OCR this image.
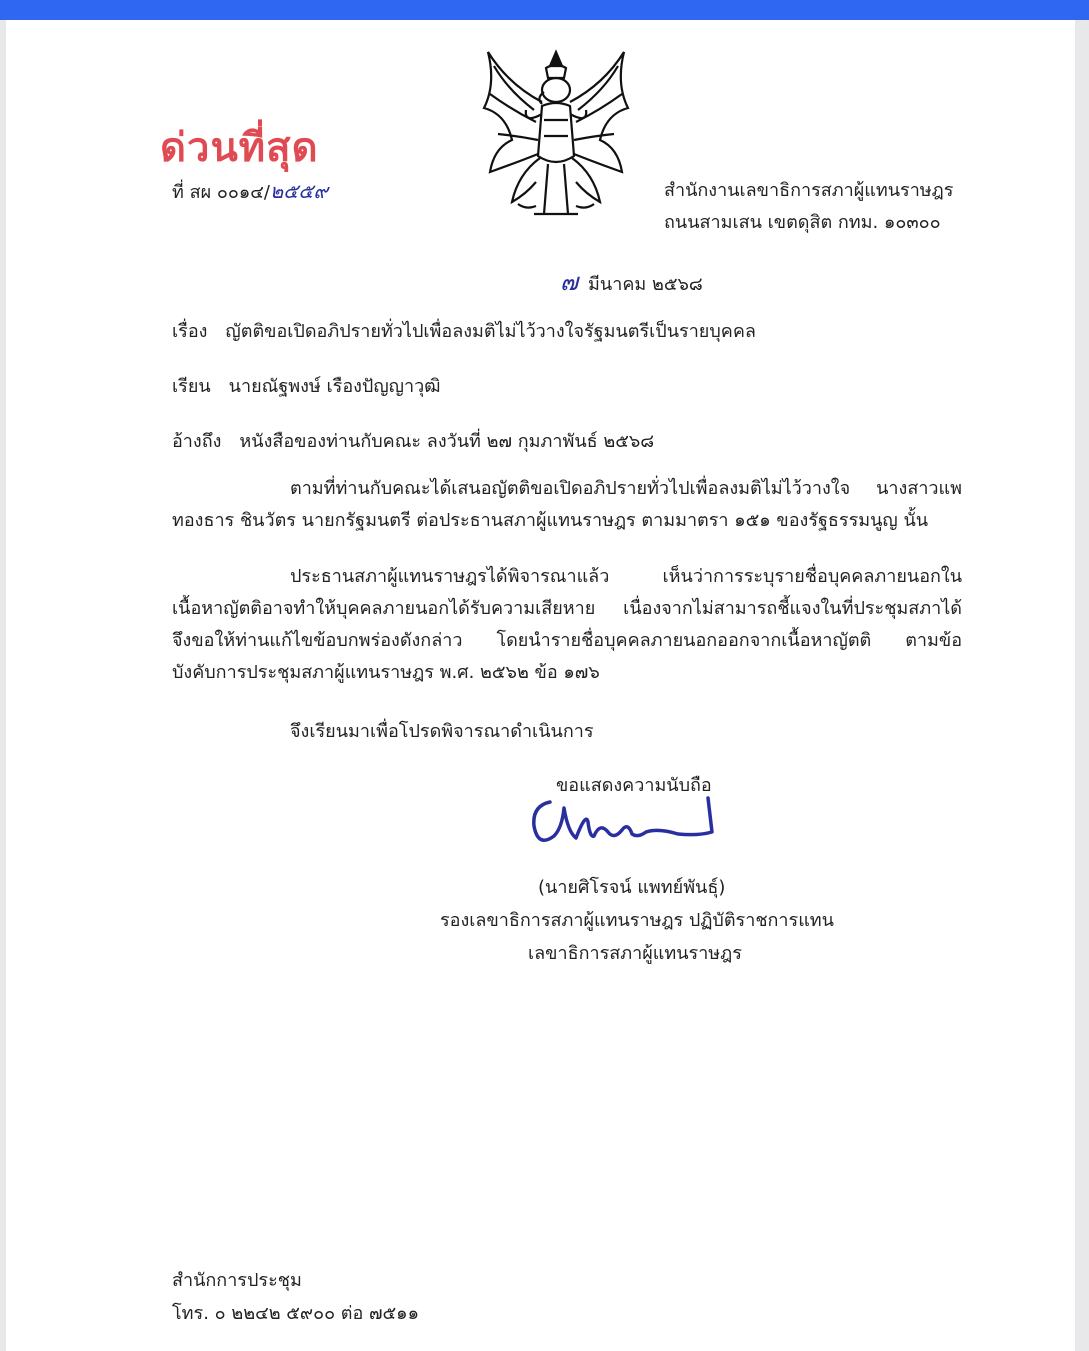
ด่วนที่สุด
ที่ สผ ๐๐๑๔/๒๕๕๙	สำนักงานเลขาธิการสภาผู้แทนราษฎร
ถนนสามเสน เขตดุสิต กทม. ๑๐๓๐๐
๗ มีนาคม ๒๕๖๘
เรื่อง ญัตติขอเปิดอภิปรายทั่วไปเพื่อลงมติไม่ไว้วางใจรัฐมนตรีเป็นรายบุคคล
เรียน นายณัฐพงษ์ เรืองปัญญาวุฒิ
อ้างถึง หนังสือของท่านกับคณะ ลงวันที่ ๒๗ กุมภาพันธ์ ๒๕๖๘
ตามที่ท่านกับคณะได้เสนอญัตติขอเปิดอภิปรายทั่วไปเพื่อลงมติไม่ไว้วางใจ นางสาวแพทองธาร ชินวัตร นายกรัฐมนตรี ต่อประธานสภาผู้แทนราษฎร ตามมาตรา ๑๕๑ ของรัฐธรรมนูญ นั้น
ประธานสภาผู้แทนราษฎรได้พิจารณาแล้ว เห็นว่าการระบุรายชื่อบุคคลภายนอกในเนื้อหาญัตติอาจทำให้บุคคลภายนอกได้รับความเสียหาย เนื่องจากไม่สามารถชี้แจงในที่ประชุมสภาได้ จึงขอให้ท่านแก้ไขข้อบกพร่องดังกล่าว โดยนำรายชื่อบุคคลภายนอกออกจากเนื้อหาญัตติ ตามข้อบังคับการประชุมสภาผู้แทนราษฎร พ.ศ. ๒๕๖๒ ข้อ ๑๗๖
จึงเรียนมาเพื่อโปรดพิจารณาดำเนินการ
ขอแสดงความนับถือ
(นายศิโรจน์ แพทย์พันธุ์)
รองเลขาธิการสภาผู้แทนราษฎร ปฏิบัติราชการแทน
เลขาธิการสภาผู้แทนราษฎร
สำนักการประชุม
โทร. ๐ ๒๒๔๒ ๕๙๐๐ ต่อ ๗๕๑๑
